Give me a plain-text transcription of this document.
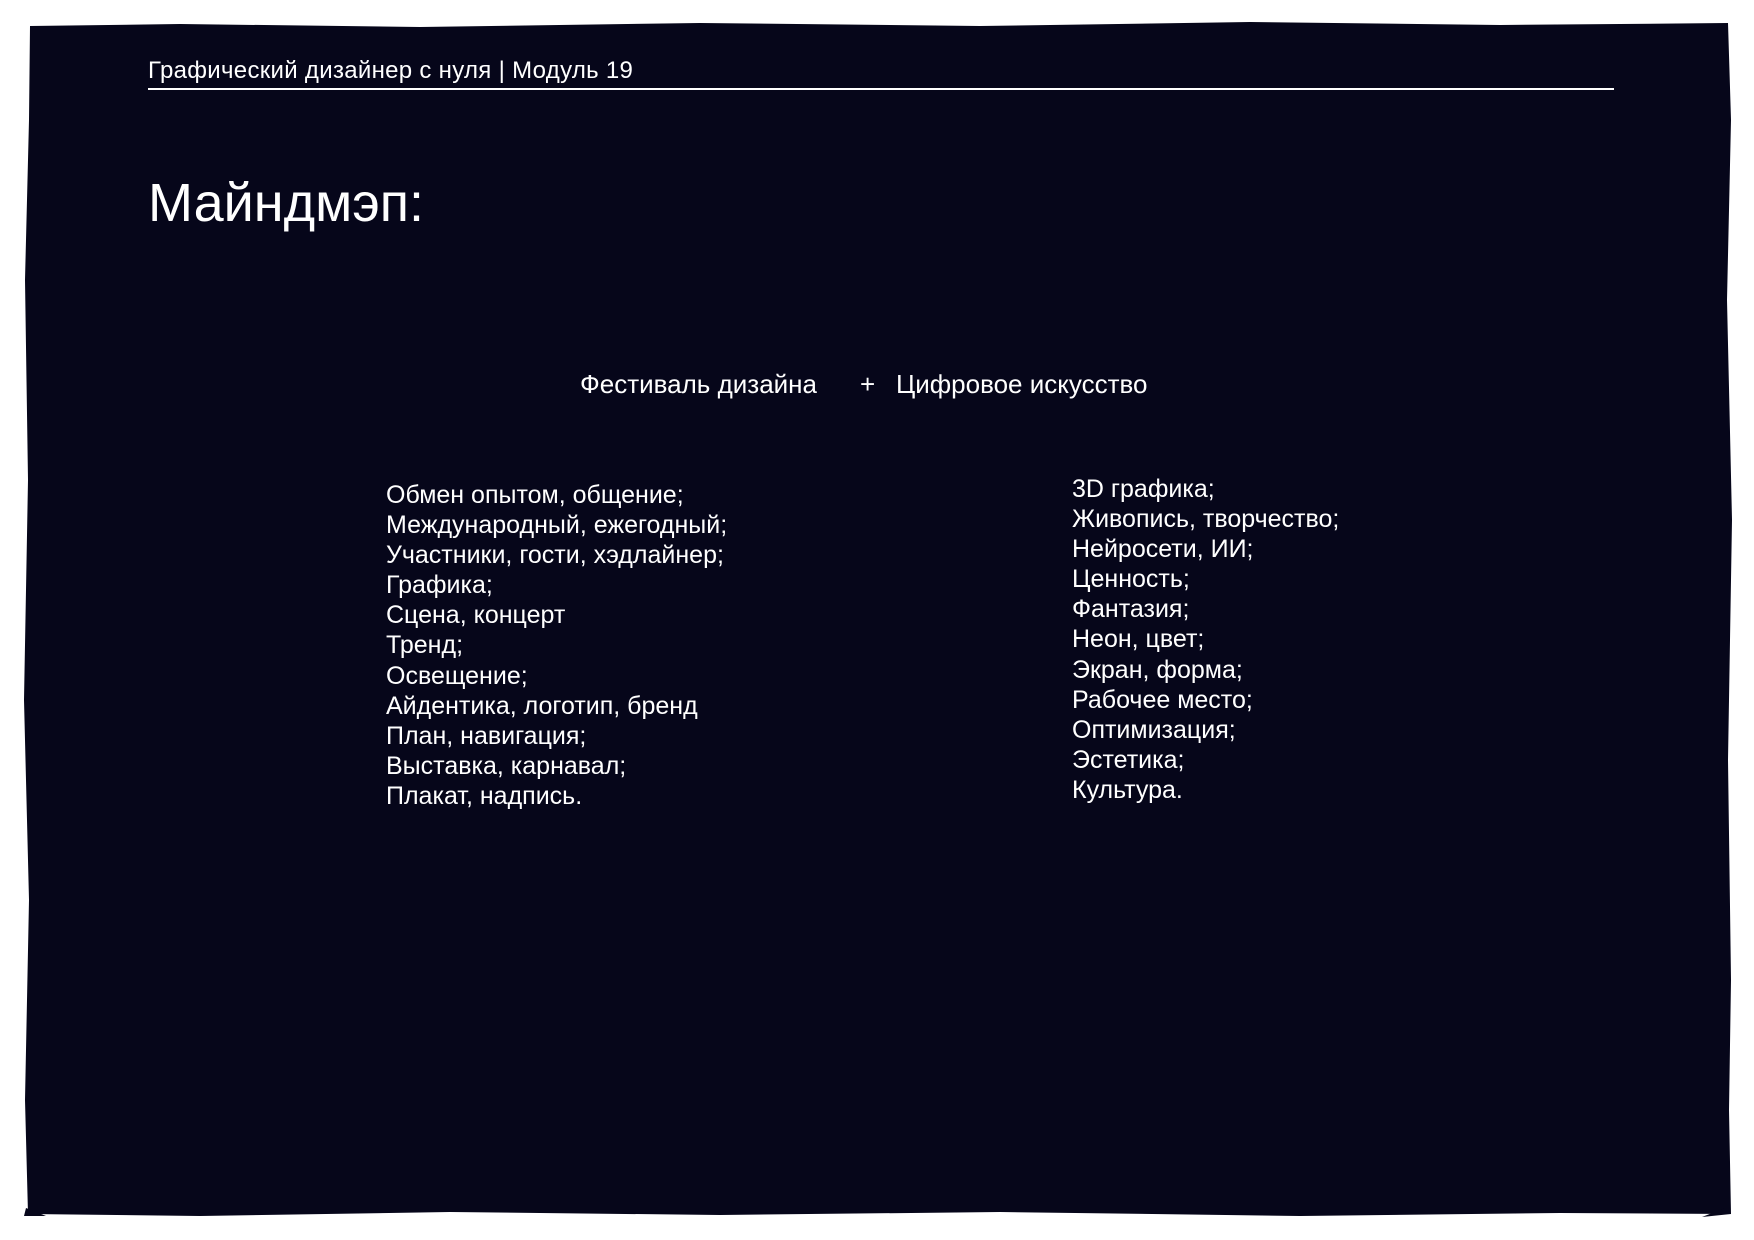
Графический дизайнер с нуля | Модуль 19
Майндмэп:
Фестиваль дизайна + Цифровое искусство
Обмен опытом, общение;
Международный, ежегодный;
Участники, гости, хэдлайнер;
Графика;
Сцена, концерт
Тренд;
Освещение;
Айдентика, логотип, бренд
План, навигация;
Выставка, карнавал;
Плакат, надпись.
3D графика;
Живопись, творчество;
Нейросети, ИИ;
Ценность;
Фантазия;
Неон, цвет;
Экран, форма;
Рабочее место;
Оптимизация;
Эстетика;
Культура.
